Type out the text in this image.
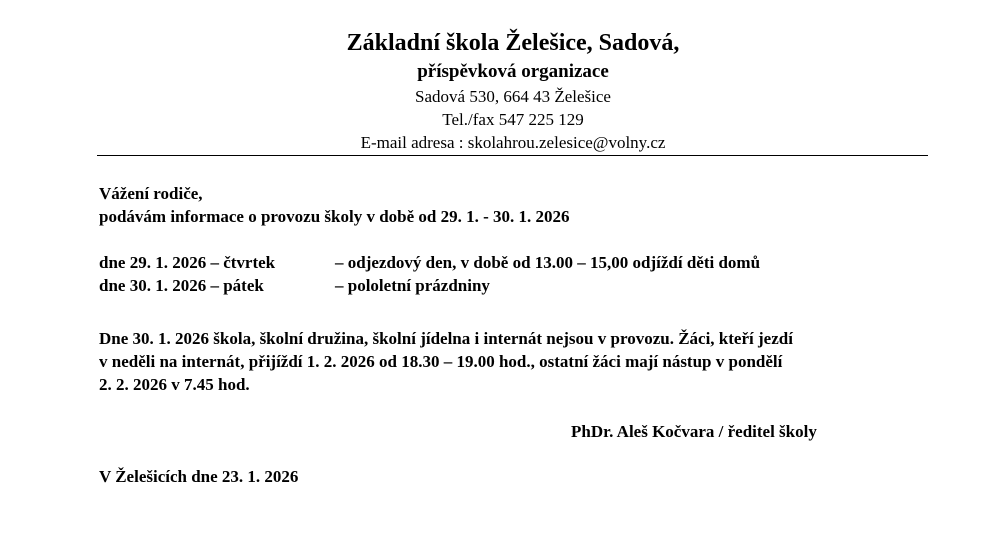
Základní škola Želešice, Sadová,
příspěvková organizace
Sadová 530, 664 43 Želešice
Tel./fax 547 225 129
E-mail adresa : skolahrou.zelesice@volny.cz
Vážení rodiče,
podávám informace o provozu školy v době od 29. 1. - 30. 1. 2026
dne 29. 1. 2026 – čtvrtek	– odjezdový den, v době od 13.00 – 15,00 odjíždí děti domů
dne 30. 1. 2026 – pátek	– pololetní prázdniny
Dne 30. 1. 2026 škola, školní družina, školní jídelna i internát nejsou v provozu. Žáci, kteří jezdí
v neděli na internát, přijíždí 1. 2. 2026 od 18.30 – 19.00 hod., ostatní žáci mají nástup v pondělí
2. 2. 2026 v 7.45 hod.
PhDr. Aleš Kočvara / ředitel školy
V Želešicích dne 23. 1. 2026
